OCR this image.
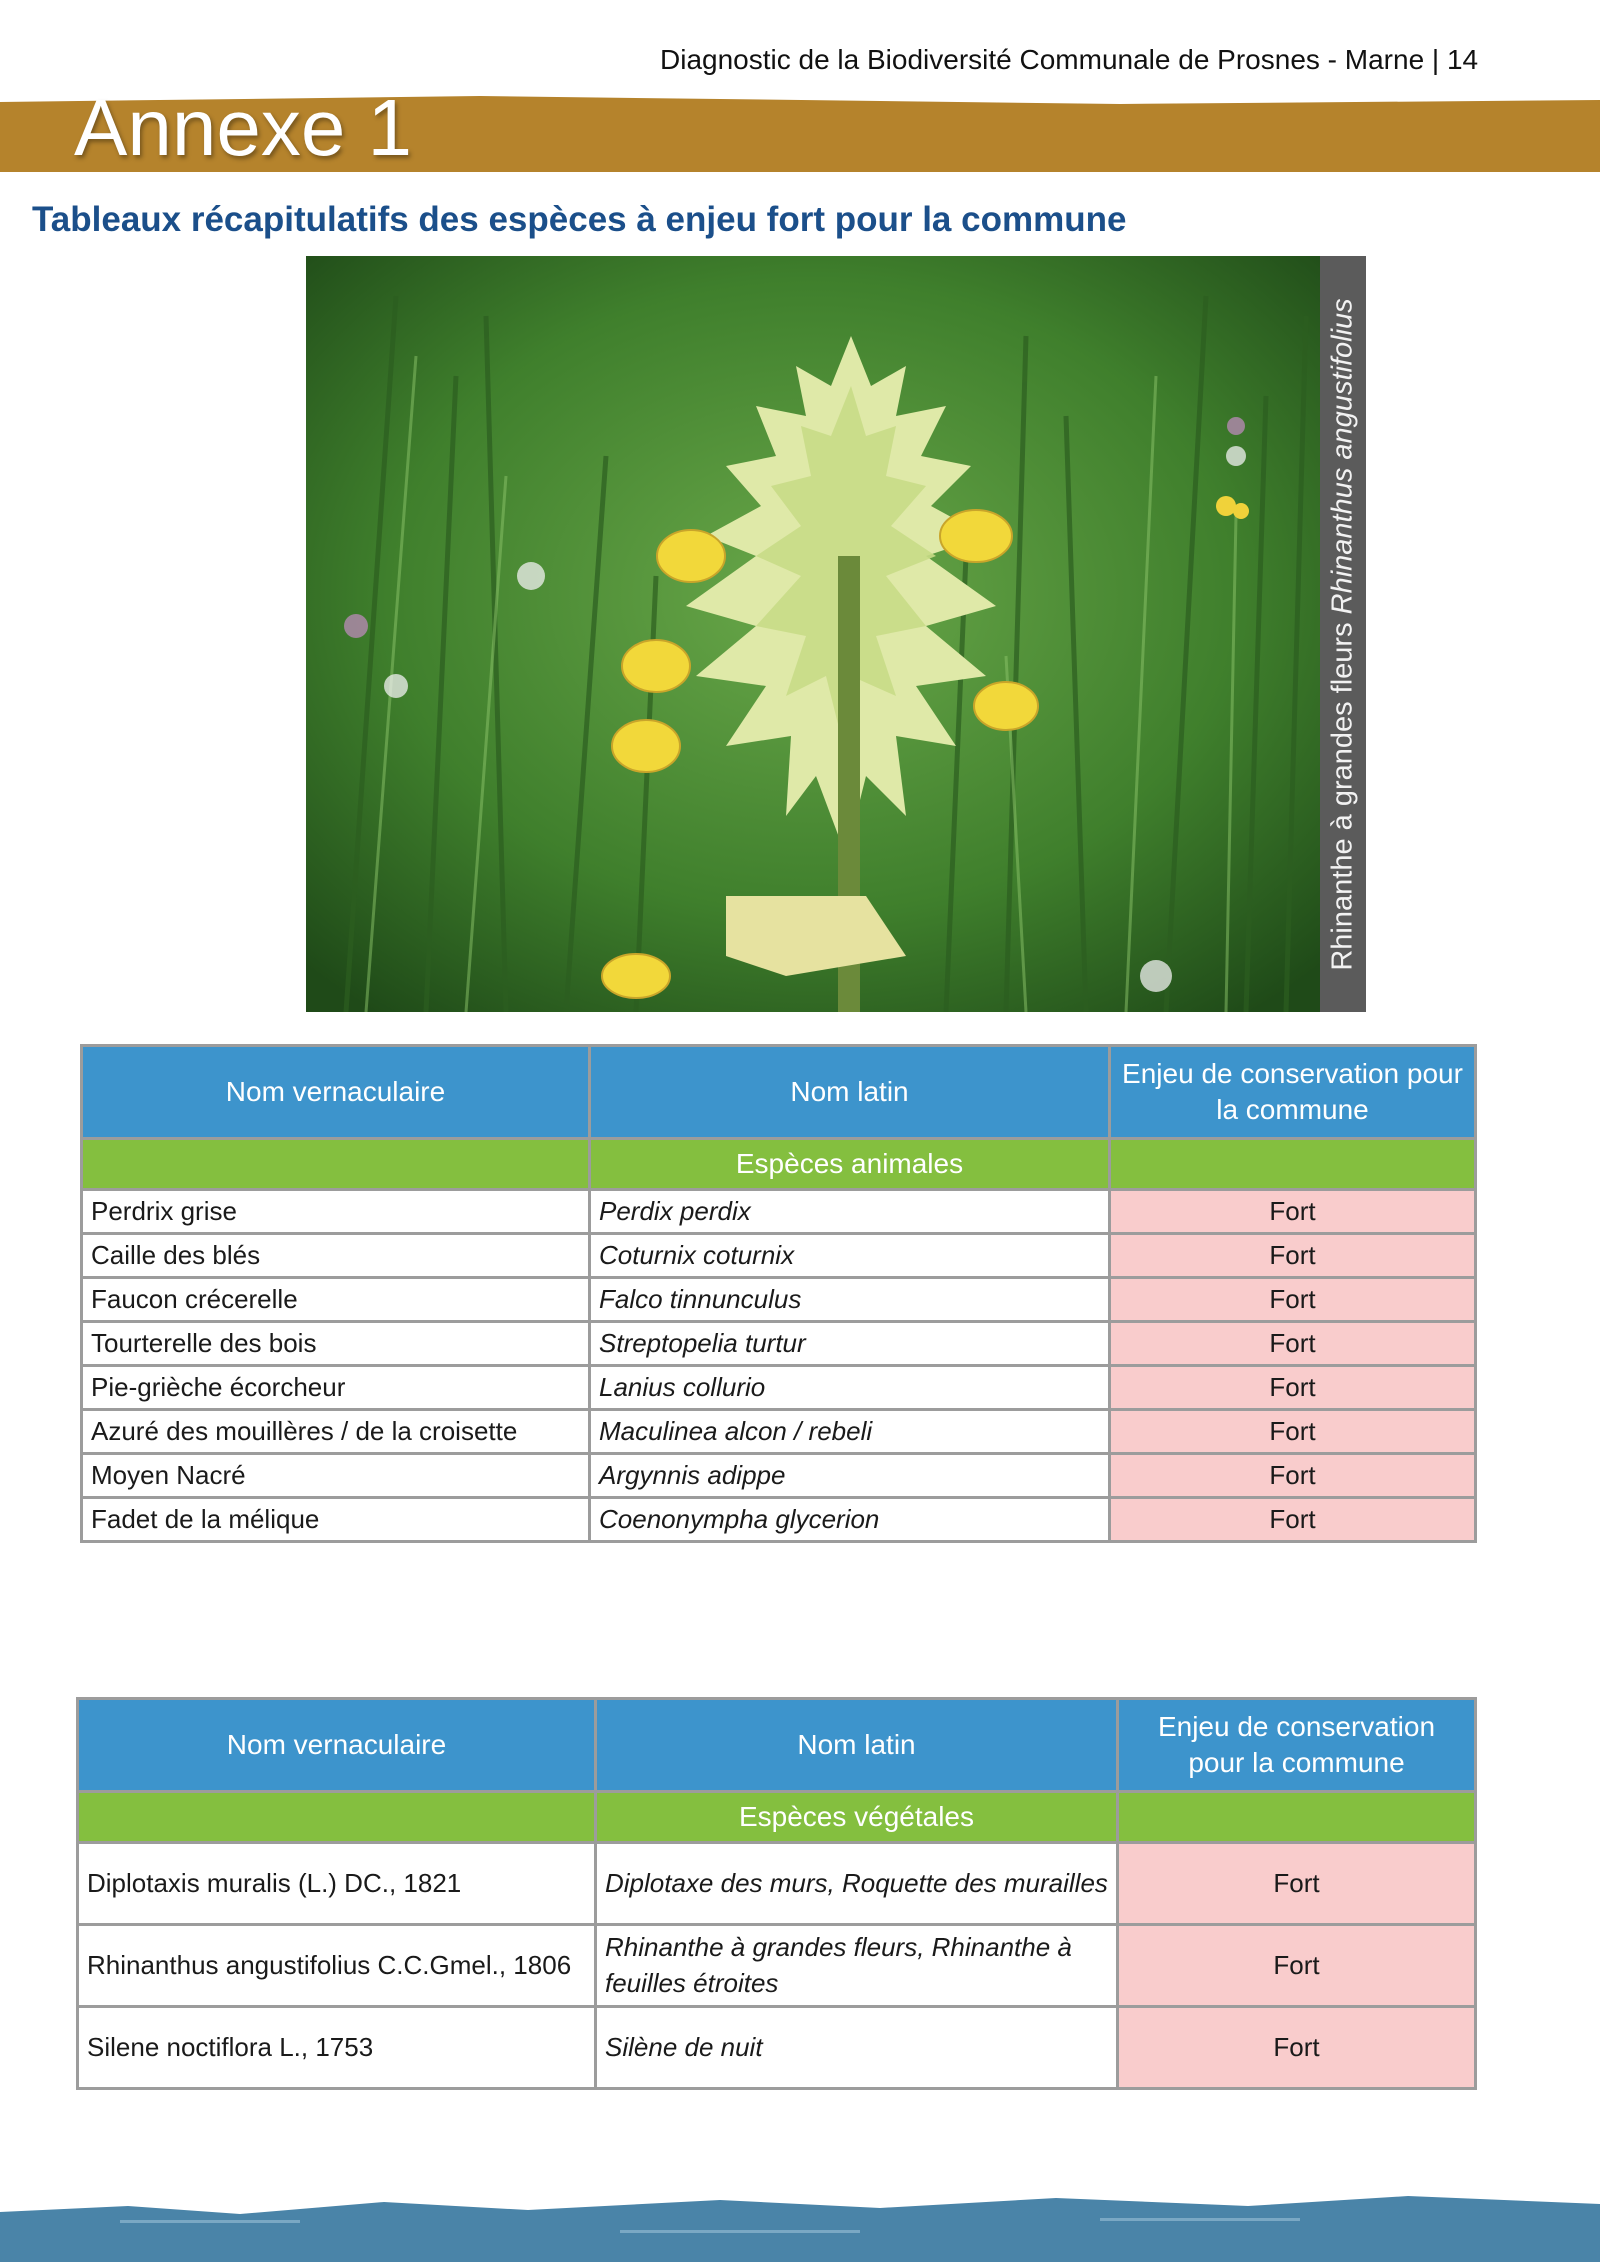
Diagnostic de la Biodiversité Communale de Prosnes - Marne | 14
Annexe 1
Tableaux récapitulatifs des espèces à enjeu fort pour la commune
Rhinanthe à grandes fleurs Rhinanthus angustifolius
Nom vernaculaire	Nom latin	Enjeu de conservation pour la commune
	Espèces animales	
Perdrix grise	Perdix perdix	Fort
Caille des blés	Coturnix coturnix	Fort
Faucon crécerelle	Falco tinnunculus	Fort
Tourterelle des bois	Streptopelia turtur	Fort
Pie-grièche écorcheur	Lanius collurio	Fort
Azuré des mouillères / de la croisette	Maculinea alcon / rebeli	Fort
Moyen Nacré	Argynnis adippe	Fort
Fadet de la mélique	Coenonympha glycerion	Fort
Nom vernaculaire	Nom latin	Enjeu de conservation pour la commune
	Espèces végétales	
Diplotaxis muralis (L.) DC., 1821	Diplotaxe des murs, Roquette des murailles	Fort
Rhinanthus angustifolius C.C.Gmel., 1806	Rhinanthe à grandes fleurs, Rhinanthe à feuilles étroites	Fort
Silene noctiflora L., 1753	Silène de nuit	Fort
